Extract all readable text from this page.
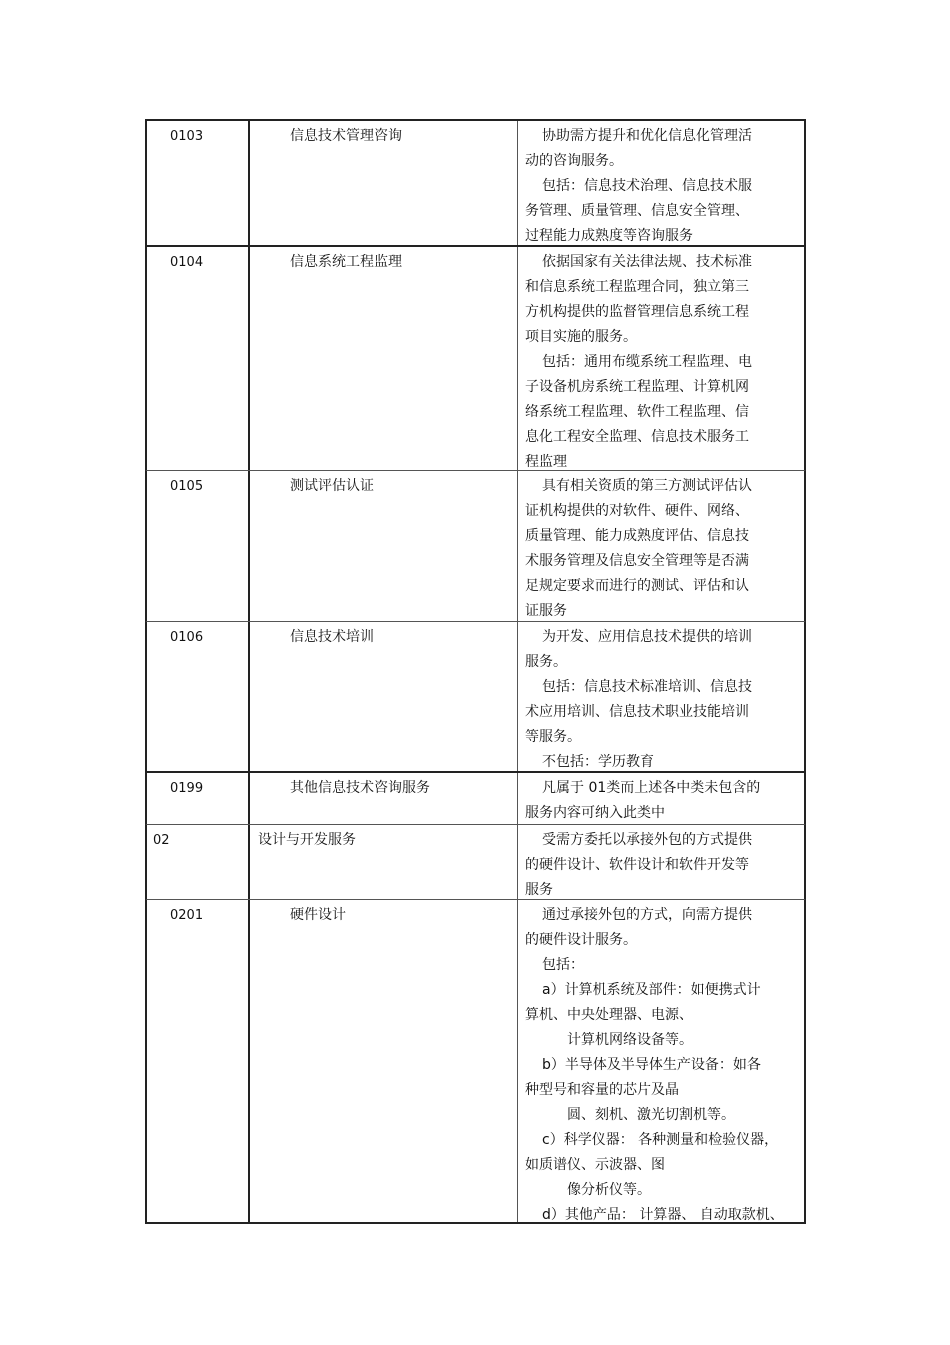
0103	信息技术管理咨询	协助需方提升和优化信息化管理活

动的咨询服务。

包括：信息技术治理、信息技术服

务管理、质量管理、信息安全管理、

过程能力成熟度等咨询服务

0104	信息系统工程监理	依据国家有关法律法规、技术标准

和信息系统工程监理合同，独立第三

方机构提供的监督管理信息系统工程

项目实施的服务。

包括：通用布缆系统工程监理、电

子设备机房系统工程监理、计算机网

络系统工程监理、软件工程监理、信

息化工程安全监理、信息技术服务工

程监理

0105	测试评估认证	具有相关资质的第三方测试评估认

证机构提供的对软件、硬件、网络、

质量管理、能力成熟度评估、信息技

术服务管理及信息安全管理等是否满

足规定要求而进行的测试、评估和认

证服务

0106	信息技术培训	为开发、应用信息技术提供的培训

服务。

包括：信息技术标准培训、信息技

术应用培训、信息技术职业技能培训

等服务。

不包括：学历教育

0199	其他信息技术咨询服务	凡属于 01类而上述各中类未包含的

服务内容可纳入此类中

02	设计与开发服务	受需方委托以承接外包的方式提供

的硬件设计、软件设计和软件开发等

服务

0201	硬件设计	通过承接外包的方式，向需方提供

的硬件设计服务。

包括：

a）计算机系统及部件：如便携式计

算机、中央处理器、电源、

计算机网络设备等。

b）半导体及半导体生产设备：如各

种型号和容量的芯片及晶

圆、刻机、激光切割机等。

c）科学仪器： 各种测量和检验仪器，

如质谱仪、示波器、图

像分析仪等。

d）其他产品： 计算器、 自动取款机、
